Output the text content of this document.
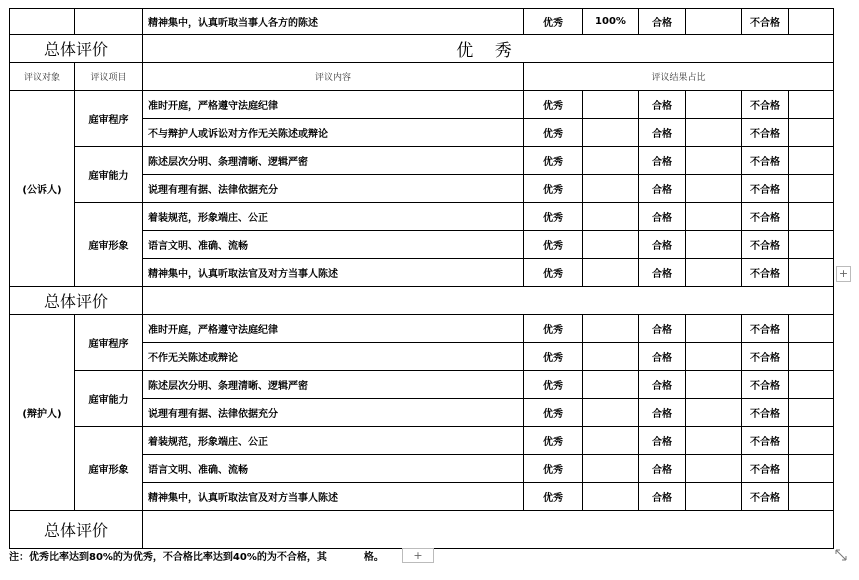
		精神集中，认真听取当事人各方的陈述	优秀	100%	合格		不合格	
总体评价		优 秀						
评议对象	评议项目	评议内容	评议结果占比					
(公诉人)	庭审程序	准时开庭，严格遵守法庭纪律	优秀		合格		不合格	
		不与辩护人或诉讼对方作无关陈述或辩论	优秀		合格		不合格	
	庭审能力	陈述层次分明、条理清晰、逻辑严密	优秀		合格		不合格	
		说理有理有据、法律依据充分	优秀		合格		不合格	
	庭审形象	着装规范，形象端庄、公正	优秀		合格		不合格	
		语言文明、准确、流畅	优秀		合格		不合格	
		精神集中，认真听取法官及对方当事人陈述	优秀		合格		不合格	
总体评价								
(辩护人)	庭审程序	准时开庭，严格遵守法庭纪律	优秀		合格		不合格	
		不作无关陈述或辩论	优秀		合格		不合格	
	庭审能力	陈述层次分明、条理清晰、逻辑严密	优秀		合格		不合格	
		说理有理有据、法律依据充分	优秀		合格		不合格	
	庭审形象	着装规范，形象端庄、公正	优秀		合格		不合格	
		语言文明、准确、流畅	优秀		合格		不合格	
		精神集中，认真听取法官及对方当事人陈述	优秀		合格		不合格	
总体评价								
注：优秀比率达到80%的为优秀，不合格比率达到40%的为不合格，其	格。
+
+
